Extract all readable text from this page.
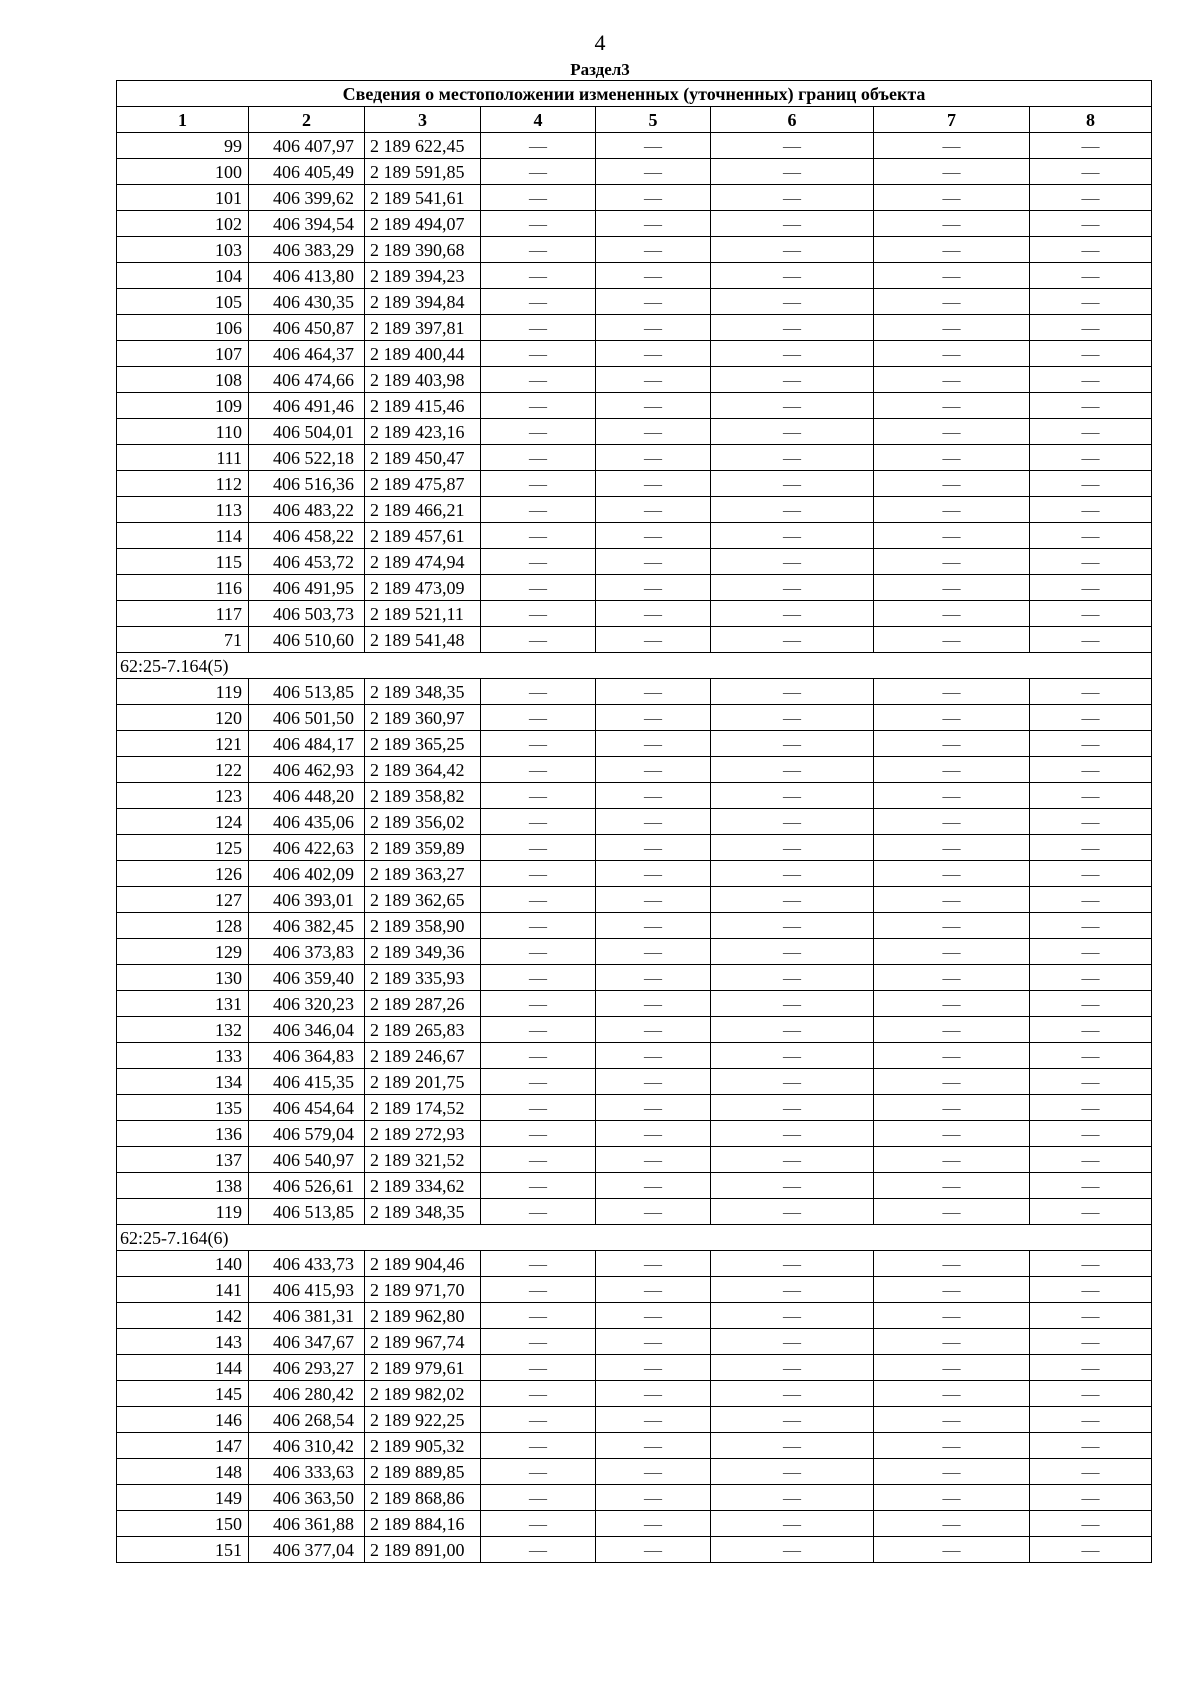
4
Раздел3
Сведения о местоположении измененных (уточненных) границ объекта							
1	2	3	4	5	6	7	8
99	406 407,97	2 189 622,45	—	—	—	—	—
100	406 405,49	2 189 591,85	—	—	—	—	—
101	406 399,62	2 189 541,61	—	—	—	—	—
102	406 394,54	2 189 494,07	—	—	—	—	—
103	406 383,29	2 189 390,68	—	—	—	—	—
104	406 413,80	2 189 394,23	—	—	—	—	—
105	406 430,35	2 189 394,84	—	—	—	—	—
106	406 450,87	2 189 397,81	—	—	—	—	—
107	406 464,37	2 189 400,44	—	—	—	—	—
108	406 474,66	2 189 403,98	—	—	—	—	—
109	406 491,46	2 189 415,46	—	—	—	—	—
110	406 504,01	2 189 423,16	—	—	—	—	—
111	406 522,18	2 189 450,47	—	—	—	—	—
112	406 516,36	2 189 475,87	—	—	—	—	—
113	406 483,22	2 189 466,21	—	—	—	—	—
114	406 458,22	2 189 457,61	—	—	—	—	—
115	406 453,72	2 189 474,94	—	—	—	—	—
116	406 491,95	2 189 473,09	—	—	—	—	—
117	406 503,73	2 189 521,11	—	—	—	—	—
71	406 510,60	2 189 541,48	—	—	—	—	—
62:25-7.164(5)							
119	406 513,85	2 189 348,35	—	—	—	—	—
120	406 501,50	2 189 360,97	—	—	—	—	—
121	406 484,17	2 189 365,25	—	—	—	—	—
122	406 462,93	2 189 364,42	—	—	—	—	—
123	406 448,20	2 189 358,82	—	—	—	—	—
124	406 435,06	2 189 356,02	—	—	—	—	—
125	406 422,63	2 189 359,89	—	—	—	—	—
126	406 402,09	2 189 363,27	—	—	—	—	—
127	406 393,01	2 189 362,65	—	—	—	—	—
128	406 382,45	2 189 358,90	—	—	—	—	—
129	406 373,83	2 189 349,36	—	—	—	—	—
130	406 359,40	2 189 335,93	—	—	—	—	—
131	406 320,23	2 189 287,26	—	—	—	—	—
132	406 346,04	2 189 265,83	—	—	—	—	—
133	406 364,83	2 189 246,67	—	—	—	—	—
134	406 415,35	2 189 201,75	—	—	—	—	—
135	406 454,64	2 189 174,52	—	—	—	—	—
136	406 579,04	2 189 272,93	—	—	—	—	—
137	406 540,97	2 189 321,52	—	—	—	—	—
138	406 526,61	2 189 334,62	—	—	—	—	—
119	406 513,85	2 189 348,35	—	—	—	—	—
62:25-7.164(6)							
140	406 433,73	2 189 904,46	—	—	—	—	—
141	406 415,93	2 189 971,70	—	—	—	—	—
142	406 381,31	2 189 962,80	—	—	—	—	—
143	406 347,67	2 189 967,74	—	—	—	—	—
144	406 293,27	2 189 979,61	—	—	—	—	—
145	406 280,42	2 189 982,02	—	—	—	—	—
146	406 268,54	2 189 922,25	—	—	—	—	—
147	406 310,42	2 189 905,32	—	—	—	—	—
148	406 333,63	2 189 889,85	—	—	—	—	—
149	406 363,50	2 189 868,86	—	—	—	—	—
150	406 361,88	2 189 884,16	—	—	—	—	—
151	406 377,04	2 189 891,00	—	—	—	—	—
